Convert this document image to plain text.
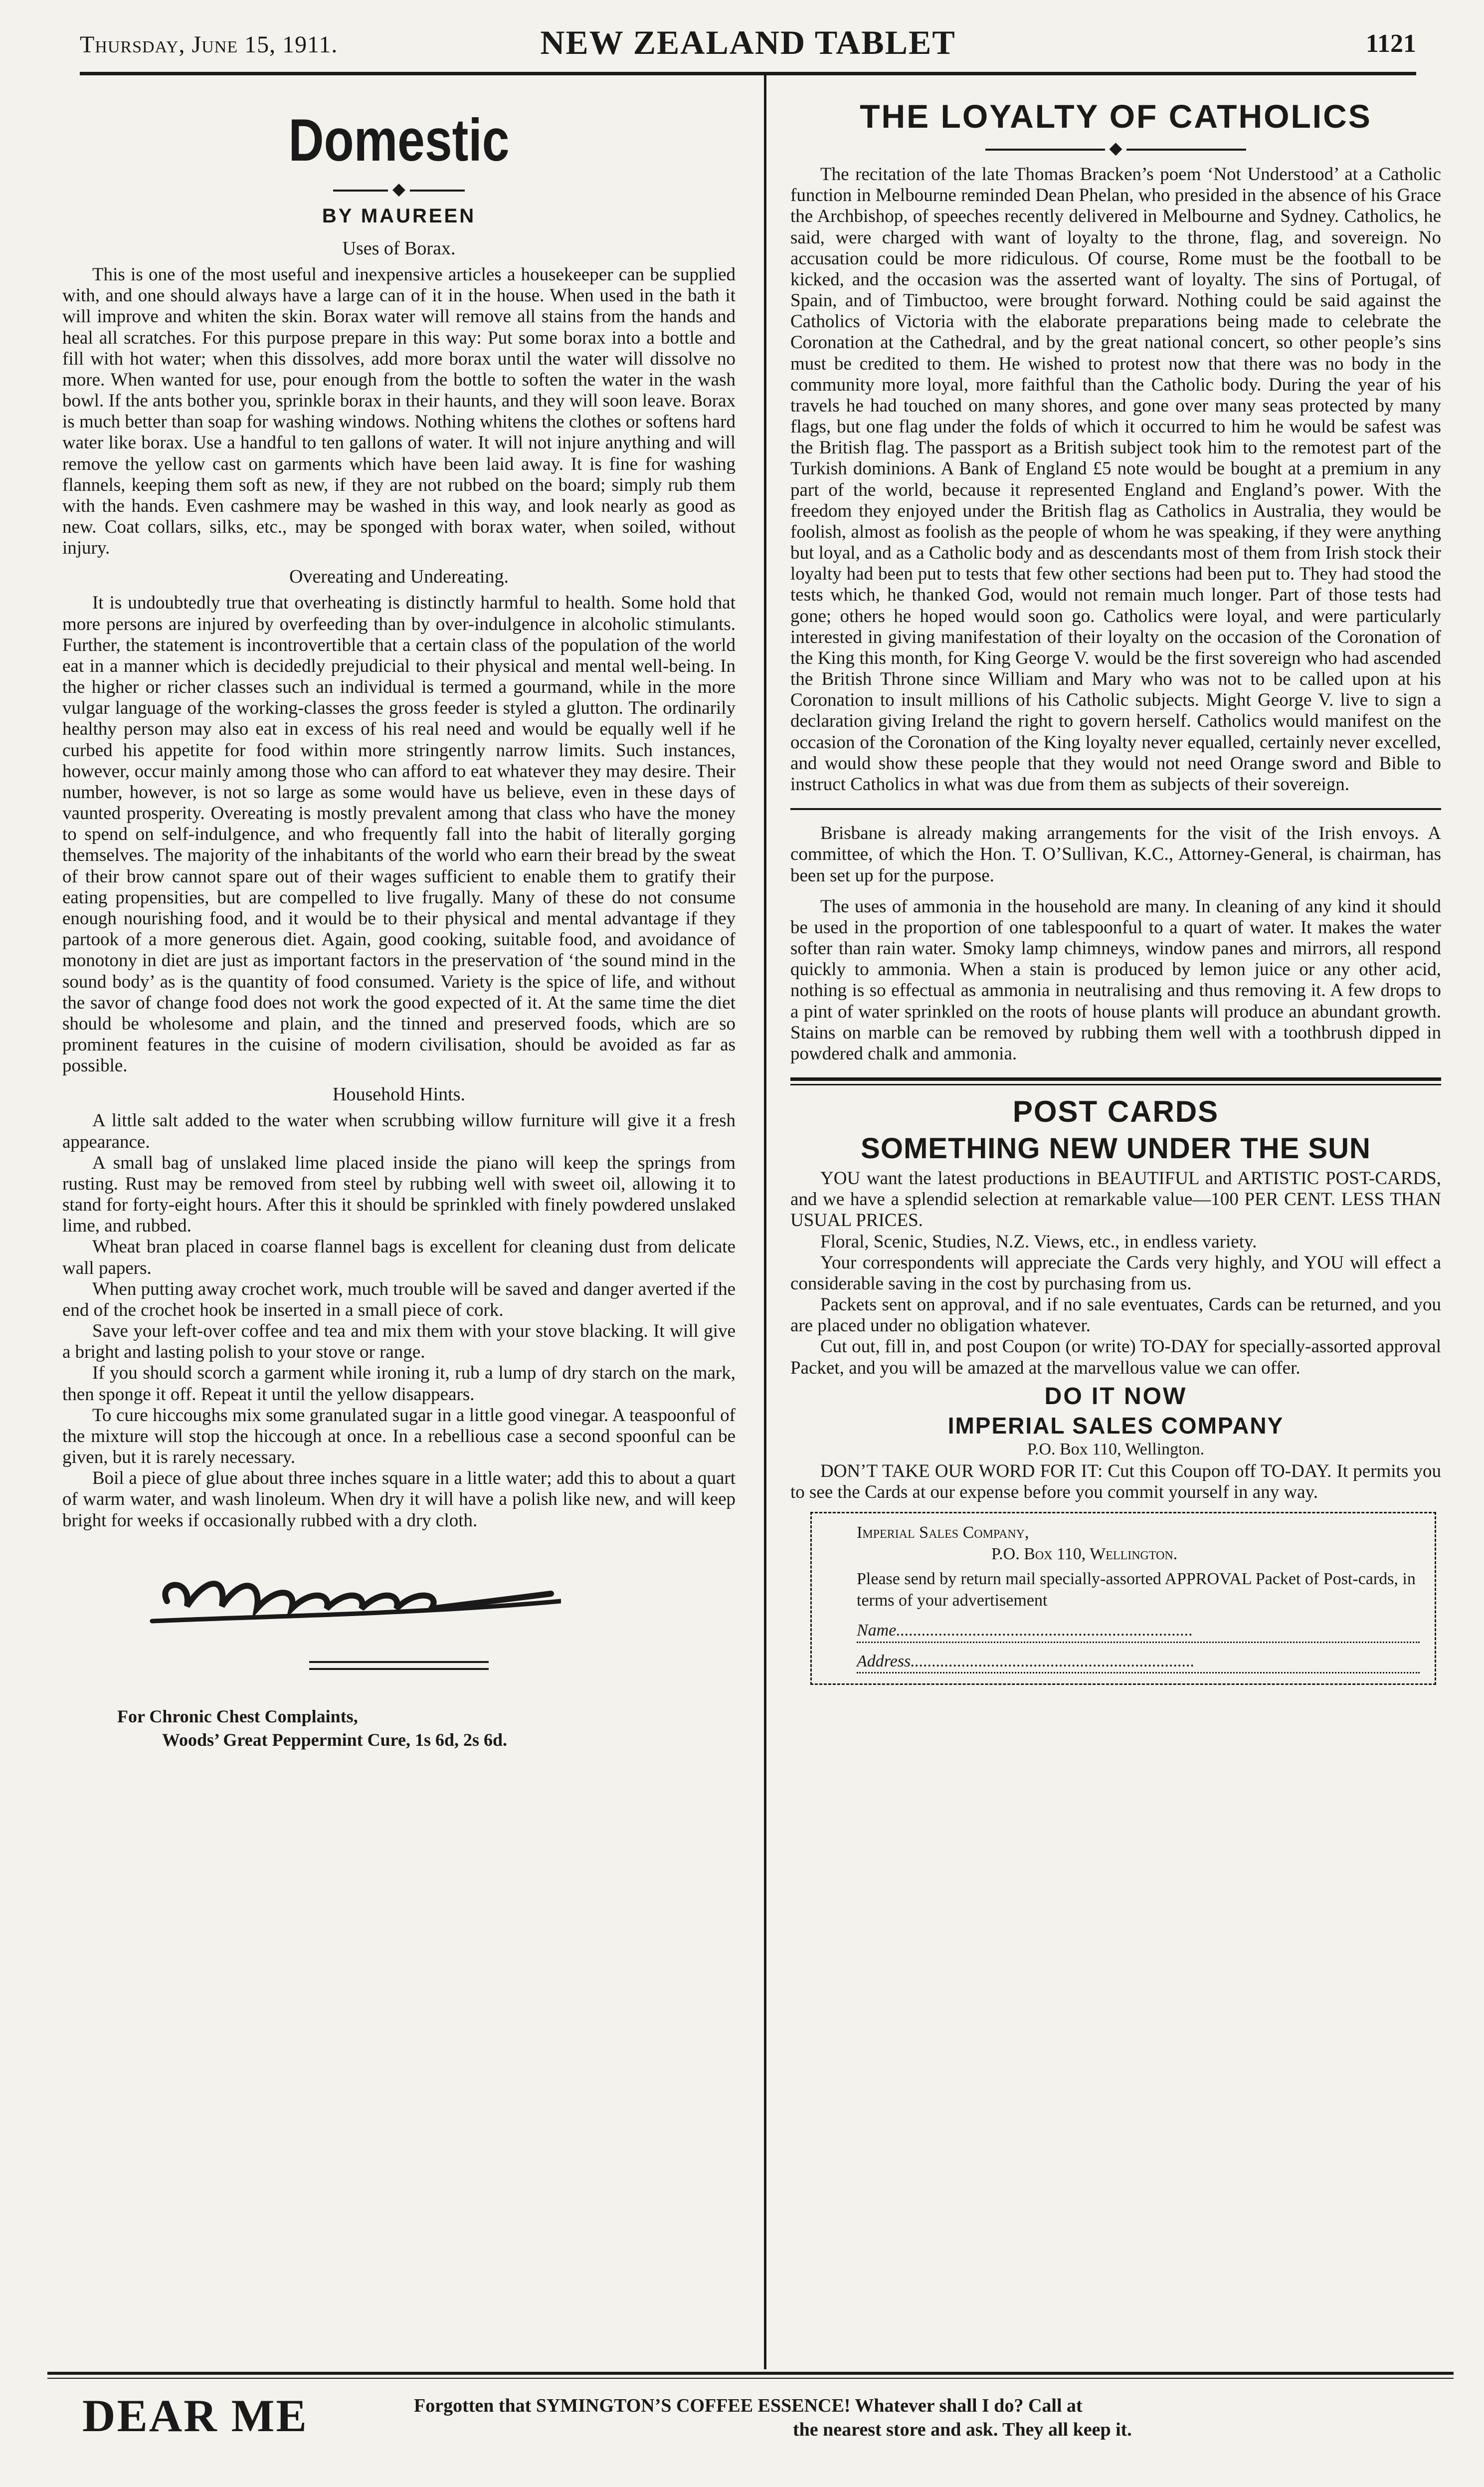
Thursday, June 15, 1911.	NEW ZEALAND TABLET	1121
Domestic
◆
BY MAUREEN
Uses of Borax.

This is one of the most useful and inexpensive articles a housekeeper can be supplied with, and one should always have a large can of it in the house. When used in the bath it will improve and whiten the skin. Borax water will remove all stains from the hands and heal all scratches. For this purpose prepare in this way: Put some borax into a bottle and fill with hot water; when this dissolves, add more borax until the water will dissolve no more. When wanted for use, pour enough from the bottle to soften the water in the wash bowl. If the ants bother you, sprinkle borax in their haunts, and they will soon leave. Borax is much better than soap for washing windows. Nothing whitens the clothes or softens hard water like borax. Use a handful to ten gallons of water. It will not injure anything and will remove the yellow cast on garments which have been laid away. It is fine for washing flannels, keeping them soft as new, if they are not rubbed on the board; simply rub them with the hands. Even cashmere may be washed in this way, and look nearly as good as new. Coat collars, silks, etc., may be sponged with borax water, when soiled, without injury.

Overeating and Undereating.

It is undoubtedly true that overheating is distinctly harmful to health. Some hold that more persons are injured by overfeeding than by over-indulgence in alcoholic stimulants. Further, the statement is incontrovertible that a certain class of the population of the world eat in a manner which is decidedly prejudicial to their physical and mental well-being. In the higher or richer classes such an individual is termed a gourmand, while in the more vulgar language of the working-classes the gross feeder is styled a glutton. The ordinarily healthy person may also eat in excess of his real need and would be equally well if he curbed his appetite for food within more stringently narrow limits. Such instances, however, occur mainly among those who can afford to eat whatever they may desire. Their number, however, is not so large as some would have us believe, even in these days of vaunted prosperity. Overeating is mostly prevalent among that class who have the money to spend on self-indulgence, and who frequently fall into the habit of literally gorging themselves. The majority of the inhabitants of the world who earn their bread by the sweat of their brow cannot spare out of their wages sufficient to enable them to gratify their eating propensities, but are compelled to live frugally. Many of these do not consume enough nourishing food, and it would be to their physical and mental advantage if they partook of a more generous diet. Again, good cooking, suitable food, and avoidance of monotony in diet are just as important factors in the preservation of ‘the sound mind in the sound body’ as is the quantity of food consumed. Variety is the spice of life, and without the savor of change food does not work the good expected of it. At the same time the diet should be wholesome and plain, and the tinned and preserved foods, which are so prominent features in the cuisine of modern civilisation, should be avoided as far as possible.

Household Hints.

A little salt added to the water when scrubbing willow furniture will give it a fresh appearance.

A small bag of unslaked lime placed inside the piano will keep the springs from rusting. Rust may be removed from steel by rubbing well with sweet oil, allowing it to stand for forty-eight hours. After this it should be sprinkled with finely powdered unslaked lime, and rubbed.

Wheat bran placed in coarse flannel bags is excellent for cleaning dust from delicate wall papers.

When putting away crochet work, much trouble will be saved and danger averted if the end of the crochet hook be inserted in a small piece of cork.

Save your left-over coffee and tea and mix them with your stove blacking. It will give a bright and lasting polish to your stove or range.

If you should scorch a garment while ironing it, rub a lump of dry starch on the mark, then sponge it off. Repeat it until the yellow disappears.

To cure hiccoughs mix some granulated sugar in a little good vinegar. A teaspoonful of the mixture will stop the hiccough at once. In a rebellious case a second spoonful can be given, but it is rarely necessary.

Boil a piece of glue about three inches square in a little water; add this to about a quart of warm water, and wash linoleum. When dry it will have a polish like new, and will keep bright for weeks if occasionally rubbed with a dry cloth.

For Chronic Chest Complaints,
Woods’ Great Peppermint Cure, 1s 6d, 2s 6d.
THE LOYALTY OF CATHOLICS
◆

The recitation of the late Thomas Bracken’s poem ‘Not Understood’ at a Catholic function in Melbourne reminded Dean Phelan, who presided in the absence of his Grace the Archbishop, of speeches recently delivered in Melbourne and Sydney. Catholics, he said, were charged with want of loyalty to the throne, flag, and sovereign. No accusation could be more ridiculous. Of course, Rome must be the football to be kicked, and the occasion was the asserted want of loyalty. The sins of Portugal, of Spain, and of Timbuctoo, were brought forward. Nothing could be said against the Catholics of Victoria with the elaborate preparations being made to celebrate the Coronation at the Cathedral, and by the great national concert, so other people’s sins must be credited to them. He wished to protest now that there was no body in the community more loyal, more faithful than the Catholic body. During the year of his travels he had touched on many shores, and gone over many seas protected by many flags, but one flag under the folds of which it occurred to him he would be safest was the British flag. The passport as a British subject took him to the remotest part of the Turkish dominions. A Bank of England £5 note would be bought at a premium in any part of the world, because it represented England and England’s power. With the freedom they enjoyed under the British flag as Catholics in Australia, they would be foolish, almost as foolish as the people of whom he was speaking, if they were anything but loyal, and as a Catholic body and as descendants most of them from Irish stock their loyalty had been put to tests that few other sections had been put to. They had stood the tests which, he thanked God, would not remain much longer. Part of those tests had gone; others he hoped would soon go. Catholics were loyal, and were particularly interested in giving manifestation of their loyalty on the occasion of the Coronation of the King this month, for King George V. would be the first sovereign who had ascended the British Throne since William and Mary who was not to be called upon at his Coronation to insult millions of his Catholic subjects. Might George V. live to sign a declaration giving Ireland the right to govern herself. Catholics would manifest on the occasion of the Coronation of the King loyalty never equalled, certainly never excelled, and would show these people that they would not need Orange sword and Bible to instruct Catholics in what was due from them as subjects of their sovereign.

Brisbane is already making arrangements for the visit of the Irish envoys. A committee, of which the Hon. T. O’Sullivan, K.C., Attorney-General, is chairman, has been set up for the purpose.

The uses of ammonia in the household are many. In cleaning of any kind it should be used in the proportion of one tablespoonful to a quart of water. It makes the water softer than rain water. Smoky lamp chimneys, window panes and mirrors, all respond quickly to ammonia. When a stain is produced by lemon juice or any other acid, nothing is so effectual as ammonia in neutralising and thus removing it. A few drops to a pint of water sprinkled on the roots of house plants will produce an abundant growth. Stains on marble can be removed by rubbing them well with a toothbrush dipped in powdered chalk and ammonia.

POST CARDS
SOMETHING NEW UNDER THE SUN

YOU want the latest productions in BEAUTIFUL and ARTISTIC POST-CARDS, and we have a splendid selection at remarkable value—100 PER CENT. LESS THAN USUAL PRICES.

Floral, Scenic, Studies, N.Z. Views, etc., in endless variety.

Your correspondents will appreciate the Cards very highly, and YOU will effect a considerable saving in the cost by purchasing from us.

Packets sent on approval, and if no sale eventuates, Cards can be returned, and you are placed under no obligation whatever.

Cut out, fill in, and post Coupon (or write) TO-DAY for specially-assorted approval Packet, and you will be amazed at the marvellous value we can offer.

DO IT NOW
IMPERIAL SALES COMPANY
P.O. Box 110, Wellington.

DON’T TAKE OUR WORD FOR IT: Cut this Coupon off TO-DAY. It permits you to see the Cards at our expense before you commit yourself in any way.

Imperial Sales Company,
P.O. Box 110, Wellington.
Please send by return mail specially-assorted APPROVAL Packet of Post-cards, in terms of your advertisement
Name......................................................................
Address...................................................................
DEAR ME	Forgotten that SYMINGTON’S COFFEE ESSENCE! Whatever shall I do? Call at
the nearest store and ask. They all keep it.
